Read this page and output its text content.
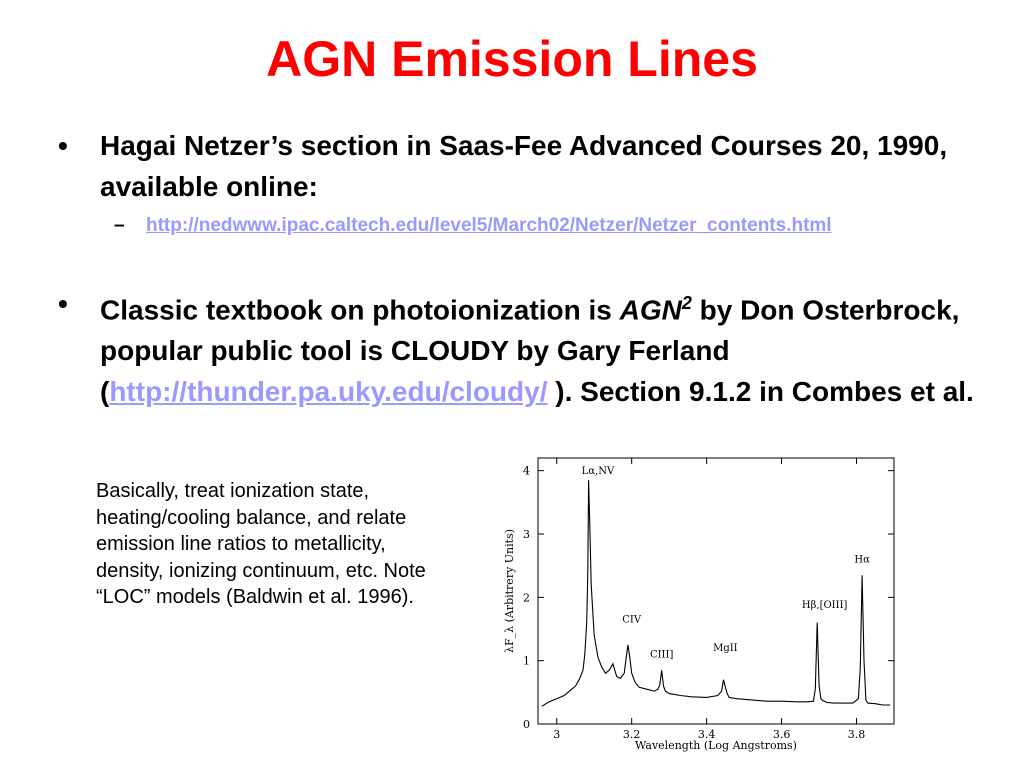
AGN Emission Lines
• Hagai Netzer’s section in Saas-Fee Advanced Courses 20, 1990, available online:
– http://nedwww.ipac.caltech.edu/level5/March02/Netzer/Netzer_contents.html
• Classic textbook on photoionization is AGN$^2$ by Don Osterbrock, popular public tool is CLOUDY by Gary Ferland (http://thunder.pa.uky.edu/cloudy/ ). Section 9.1.2 in Combes et al.
Basically, treat ionization state, heating/cooling balance, and relate emission line ratios to metallicity, density, ionizing continuum, etc. Note “LOC” models (Baldwin et al. 1996).
3	3.2	3.4	3.6	3.8
0
1
2
3
4	Lα,NV
CIV
CIII]
MgII
Hβ,[OIII]
Hα
Wavelength (Log Angstroms)
λF_λ (Arbitrery Units)
